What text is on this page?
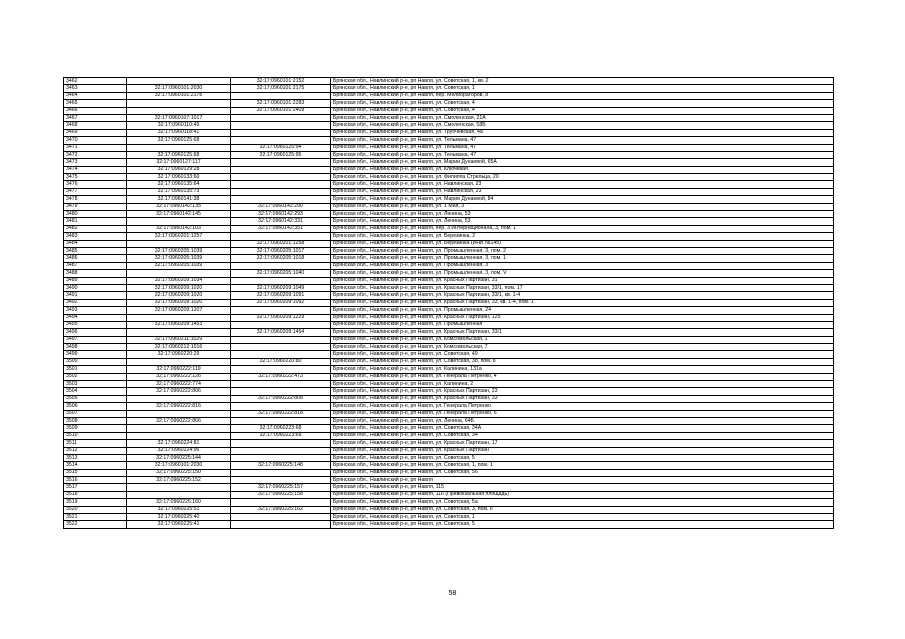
3462		32:17:0960101:2152	Брянская обл., Навлинский р-н, рп Навля, ул. Советская, 1, кв. 2
3463	32:17:0960101:2030	32:17:0960101:2175	Брянская обл., Навлинский р-н, рп Навля, ул. Советская, 1
3464	32:17:0960101:2178		Брянская обл., Навлинский р-н, рп Навля, пер. Мелиораторов, 8
3465		32:17:0960101:2283	Брянская обл., Навлинский р-н, рп Навля, ул. Советская, 4
3466		32:17:0960101:2409	Брянская обл., Навлинский р-н, рп Навля, ул. Советская, 4
3467	32:17:0960107:1017		Брянская обл., Навлинский р-н, рп Навля, ул. Смоленская, 21А
3468	32:17:0960110:49		Брянская обл., Навлинский р-н, рп Навля, ул. Смоленская, 58Б
3469	32:17:0960118:41		Брянская обл., Навлинский р-н, рп Навля, ул. Трубчевская, 4а
3470	32:17:0960125:68		Брянская обл., Навлинский р-н, рп Навля, ул. Тельмана, 47
3471		32:17:0960125:94	Брянская обл., Навлинский р-н, рп Навля, ул. Тельмана, 47
3472	32:17:0960125:68	32:17:0960125:95	Брянская обл., Навлинский р-н, рп Навля, ул. Тельмана, 47
3473	32:17:0960127:117		Брянская обл., Навлинский р-н, рп Навля, ул. Марии Дунаевой, 65А
3474	32:17:0960129:28		Брянская обл., Навлинский р-н, рп Навля, ул. Ключевая
3475	32:17:0960133:60		Брянская обл., Навлинский р-н, рп Навля, ул. Филиппа Стрельца, 20
3476	32:17:0960135:64		Брянская обл., Навлинский р-н, рп Навля, ул. Навлинская, 23
3477	32:17:0960135:73		Брянская обл., Навлинский р-н, рп Навля, ул. Навлинская, 23
3478	32:17:0960141:38		Брянская обл., Навлинский р-н, рп Навля, ул. Марии Дунаевой, 84
3479	32:17:0960142:135	32:17:0960142:290	Брянская обл., Навлинский р-н, рп Навля, ул. 1 Мая, 3
3480	32:17:0960142:145	32:17:0960142:293	Брянская обл., Навлинский р-н, рп Навля, ул. Ленина, 53
3481		32:17:0960142:331	Брянская обл., Навлинский р-н, рп Навля, ул. Ленина, 53
3482	32:17:0960142:103	32:17:0960142:351	Брянская обл., Навлинский р-н, рп Навля, пер. 3 Интернационала, 3, пом. 1
3483	32:17:0960201:1257		Брянская обл., Навлинский р-н, рп Навля, ул. Березинка, 2
3484		32:17:0960201:1258	Брянская обл., Навлинский р-н, рп Навля, ул. Березинка (ИНВ №145)
3485	32:17:0960205:1039	32:17:0960205:1017	Брянская обл., Навлинский р-н, рп Навля, ул. Промышленная, 3, пом. 2
3486	32:17:0960205:1039	32:17:0960205:1018	Брянская обл., Навлинский р-н, рп Навля, ул. Промышленная, 3, пом. 1
3487	32:17:0960205:1039		Брянская обл., Навлинский р-н, рп Навля, ул. Промышленная, 3
3488		32:17:0960205:1040	Брянская обл., Навлинский р-н, рп Навля, ул. Промышленная, 3, пом. V
3489	32:17:0960209:1034		Брянская обл., Навлинский р-н, рп Навля, ул. Красных Партизан, 31
3490	32:17:0960209:1020	32:17:0960209:1049	Брянская обл., Навлинский р-н, рп Навля, ул. Красных Партизан, 33/1, пом. 17
3491	32:17:0960209:1020	32:17:0960209:1091	Брянская обл., Навлинский р-н, рп Навля, ул. Красных Партизан, 33/1, кв. 1-4
3492	32:17:0960209:1020	32:17:0960209:1092	Брянская обл., Навлинский р-н, рп Навля, ул. Красных Партизан, 33, кв. 1-4, пом. 1
3493	32:17:0960209:1207		Брянская обл., Навлинский р-н, рп Навля, ул. Промышленная, 24
3494		32:17:0960209:1229	Брянская обл., Навлинский р-н, рп Навля, ул. Красных Партизан, 125
3495	32:17:0960209:1453		Брянская обл., Навлинский р-н, рп Навля, ул. Промышленная
3496		32:17:0960209:1454	Брянская обл., Навлинский р-н, рп Навля, ул. Красных Партизан, 33/1
3497	32:17:0960211:1029		Брянская обл., Навлинский р-н, рп Навля, ул. Комсомольская, 1
3498	32:17:0960212:1016		Брянская обл., Навлинский р-н, рп Навля, ул. Комсомольская, 7
3499	32:17:0960220:29		Брянская обл., Навлинский р-н, рп Навля, ул. Советская, 49
3500		32:17:0960220:80	Брянская обл., Навлинский р-н, рп Навля, ул. Советская, 38, пом. 8
3501	32:17:0960222:119		Брянская обл., Навлинский р-н, рп Навля, ул. Калинина, 131а
3502	32:17:0960222:126	32:17:0960222:473	Брянская обл., Навлинский р-н, рп Навля, ул. Генерала Петренко, 4
3503	32:17:0960222:774		Брянская обл., Навлинский р-н, рп Навля, ул. Калинина, 2
3504	32:17:0960222:806		Брянская обл., Навлинский р-н, рп Навля, ул. Красных Партизан, 23
3505		32:17:0960222:808	Брянская обл., Навлинский р-н, рп Навля, ул. Красных Партизан, 33
3506	32:17:0960222:816		Брянская обл., Навлинский р-н, рп Навля, ул. Генерала Петренко
3507		32:17:0960222:818	Брянская обл., Навлинский р-н, рп Навля, ул. Генерала Петренко, 6
3508	32:17:0960222:866		Брянская обл., Навлинский р-н, рп Навля, ул. Ленина, 64Б
3509		32:17:0960223:68	Брянская обл., Навлинский р-н, рп Навля, ул. Советская, 34А
3510		32:17:0960223:69	Брянская обл., Навлинский р-н, рп Навля, ул. Советская, 34
3511	32:17:0960224:81		Брянская обл., Навлинский р-н, рп Навля, ул. Красных Партизан, 17
3512	32:17:0960224:96		Брянская обл., Навлинский р-н, рп Навля, ул. Красных Партизан
3513	32:17:0960225:144		Брянская обл., Навлинский р-н, рп Навля, ул. Советская, 5
3514	32:17:0960101:2030	32:17:0960225:148	Брянская обл., Навлинский р-н, рп Навля, ул. Советская, 1, пом. 1
3515	32:17:0960225:150		Брянская обл., Навлинский р-н, рп Навля, ул. Советская, 56
3516	32:17:0960225:152		Брянская обл., Навлинский р-н, рп Навля
3517		32:17:0960225:157	Брянская обл., Навлинский р-н, рп Навля, 115
3518		32:17:0960225:158	Брянская обл., Навлинский р-н, рп Навля, 116 (Привокзальная площадь)
3519	32:17:0960225:160		Брянская обл., Навлинский р-н, рп Навля, ул. Советская, 5а
3520	32:17:0960225:51	32:17:0960225:162	Брянская обл., Навлинский р-н, рп Навля, ул. Советская, 3, пом. II
3521	32:17:0960225:40		Брянская обл., Навлинский р-н, рп Навля, ул. Советская, 1
3522	32:17:0960225:41		Брянская обл., Навлинский р-н, рп Навля, ул. Советская, 5
58
